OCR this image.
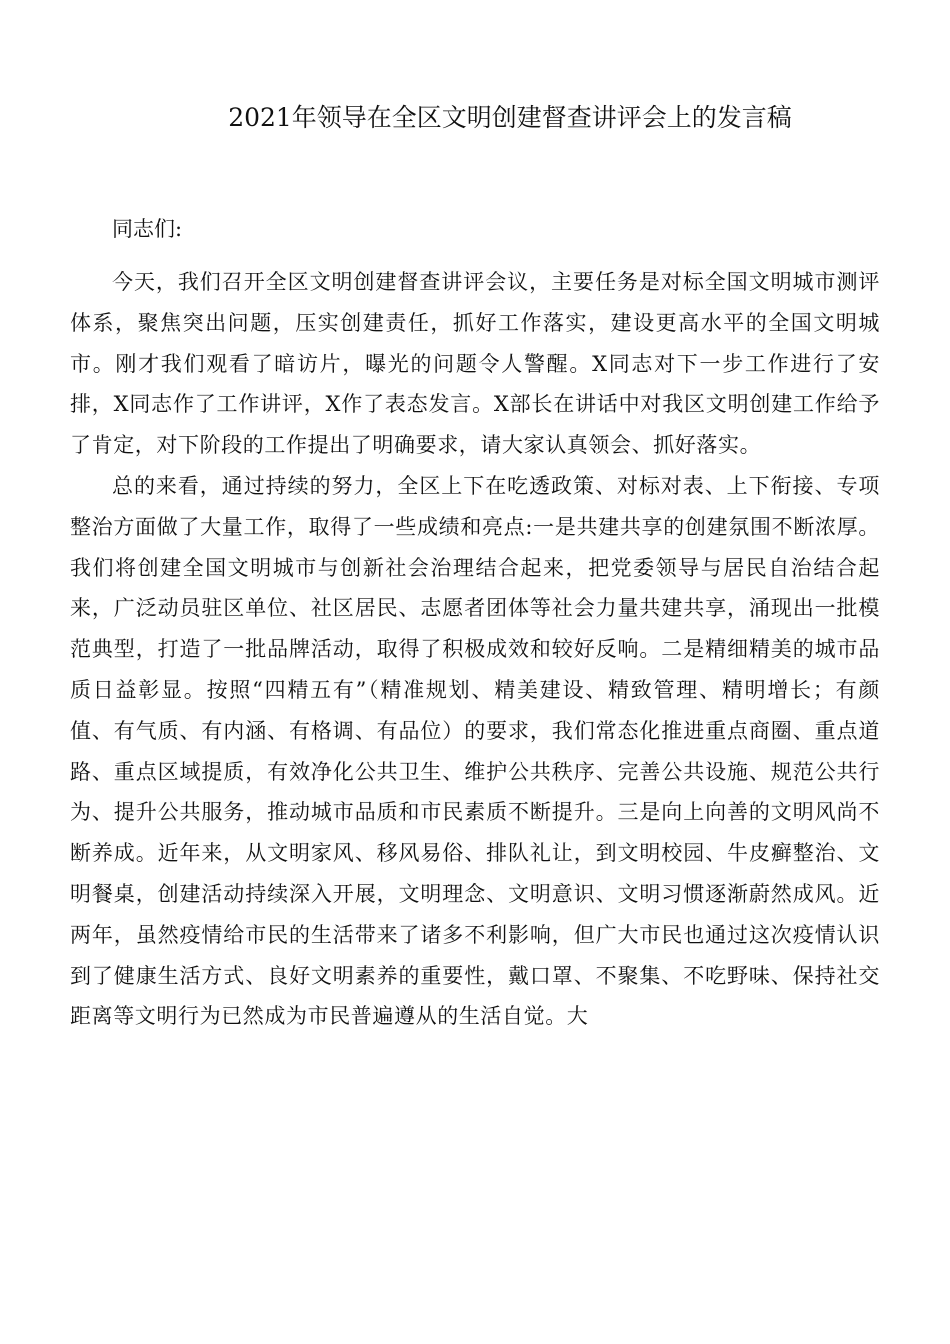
2021年领导在全区文明创建督查讲评会上的发言稿

同志们:

今天，我们召开全区文明创建督查讲评会议，主要任务是对标全国文明城市测评体系，聚焦突出问题，压实创建责任，抓好工作落实，建设更高水平的全国文明城市。刚才我们观看了暗访片，曝光的问题令人警醒。X同志对下一步工作进行了安排，X同志作了工作讲评，X作了表态发言。X部长在讲话中对我区文明创建工作给予了肯定，对下阶段的工作提出了明确要求，请大家认真领会、抓好落实。

总的来看，通过持续的努力，全区上下在吃透政策、对标对表、上下衔接、专项整治方面做了大量工作，取得了一些成绩和亮点:一是共建共享的创建氛围不断浓厚。我们将创建全国文明城市与创新社会治理结合起来，把党委领导与居民自治结合起来，广泛动员驻区单位、社区居民、志愿者团体等社会力量共建共享，涌现出一批模范典型，打造了一批品牌活动，取得了积极成效和较好反响。二是精细精美的城市品质日益彰显。按照“四精五有”（精准规划、精美建设、精致管理、精明增长；有颜值、有气质、有内涵、有格调、有品位）的要求，我们常态化推进重点商圈、重点道路、重点区域提质，有效净化公共卫生、维护公共秩序、完善公共设施、规范公共行为、提升公共服务，推动城市品质和市民素质不断提升。三是向上向善的文明风尚不断养成。近年来，从文明家风、移风易俗、排队礼让，到文明校园、牛皮癣整治、文明餐桌，创建活动持续深入开展，文明理念、文明意识、文明习惯逐渐蔚然成风。近两年，虽然疫情给市民的生活带来了诸多不利影响，但广大市民也通过这次疫情认识到了健康生活方式、良好文明素养的重要性，戴口罩、不聚集、不吃野味、保持社交距离等文明行为已然成为市民普遍遵从的生活自觉。大
